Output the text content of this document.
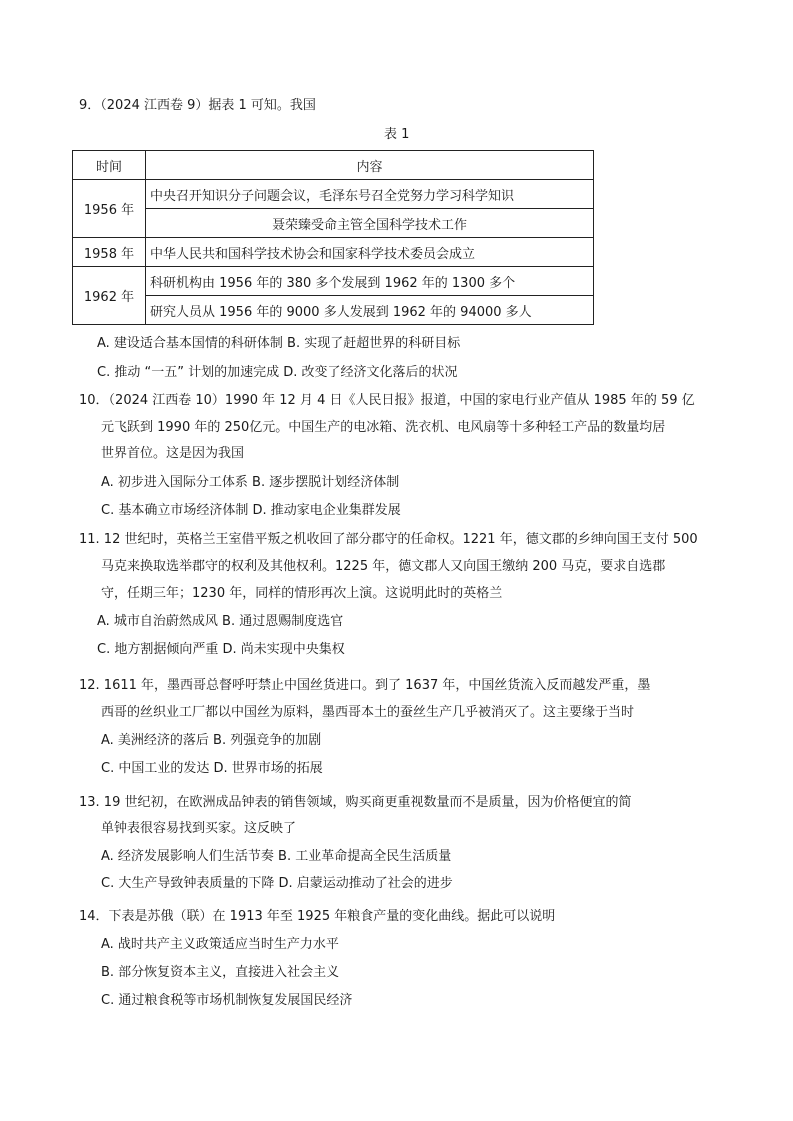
9．（2024 江西卷 9）据表 1 可知。我国
表 1
时间	内容
1956 年	中央召开知识分子问题会议，毛泽东号召全党努力学习科学知识
	聂荣臻受命主管全国科学技术工作
1958 年	中华人民共和国科学技术协会和国家科学技术委员会成立
1962 年	科研机构由 1956 年的 380 多个发展到 1962 年的 1300 多个
	研究人员从 1956 年的 9000 多人发展到 1962 年的 94000 多人
A. 建设适合基本国情的科研体制 B. 实现了赶超世界的科研目标
C. 推动 “一五” 计划的加速完成 D. 改变了经济文化落后的状况
10．（2024 江西卷 10）1990 年 12 月 4 日《人民日报》报道，中国的家电行业产值从 1985 年的 59 亿
元飞跃到 1990 年的 250亿元。中国生产的电冰箱、洗衣机、电风扇等十多种轻工产品的数量均居
世界首位。这是因为我国
A. 初步进入国际分工体系 B. 逐步摆脱计划经济体制
C. 基本确立市场经济体制 D. 推动家电企业集群发展
11. 12 世纪时，英格兰王室借平叛之机收回了部分郡守的任命权。1221 年，德文郡的乡绅向国王支付 500
马克来换取选举郡守的权利及其他权利。1225 年，德文郡人又向国王缴纳 200 马克，要求自选郡
守，任期三年；1230 年，同样的情形再次上演。这说明此时的英格兰
A. 城市自治蔚然成风 B. 通过恩赐制度选官
C. 地方割据倾向严重 D. 尚未实现中央集权
12. 1611 年，墨西哥总督呼吁禁止中国丝货进口。到了 1637 年，中国丝货流入反而越发严重，墨
西哥的丝织业工厂都以中国丝为原料，墨西哥本土的蚕丝生产几乎被消灭了。这主要缘于当时
A. 美洲经济的落后 B. 列强竞争的加剧
C. 中国工业的发达 D. 世界市场的拓展
13. 19 世纪初，在欧洲成品钟表的销售领域，购买商更重视数量而不是质量，因为价格便宜的简
单钟表很容易找到买家。这反映了
A. 经济发展影响人们生活节奏 B. 工业革命提高全民生活质量
C. 大生产导致钟表质量的下降 D. 启蒙运动推动了社会的进步
14．下表是苏俄（联）在 1913 年至 1925 年粮食产量的变化曲线。据此可以说明
A. 战时共产主义政策适应当时生产力水平
B. 部分恢复资本主义，直接进入社会主义
C. 通过粮食税等市场机制恢复发展国民经济
